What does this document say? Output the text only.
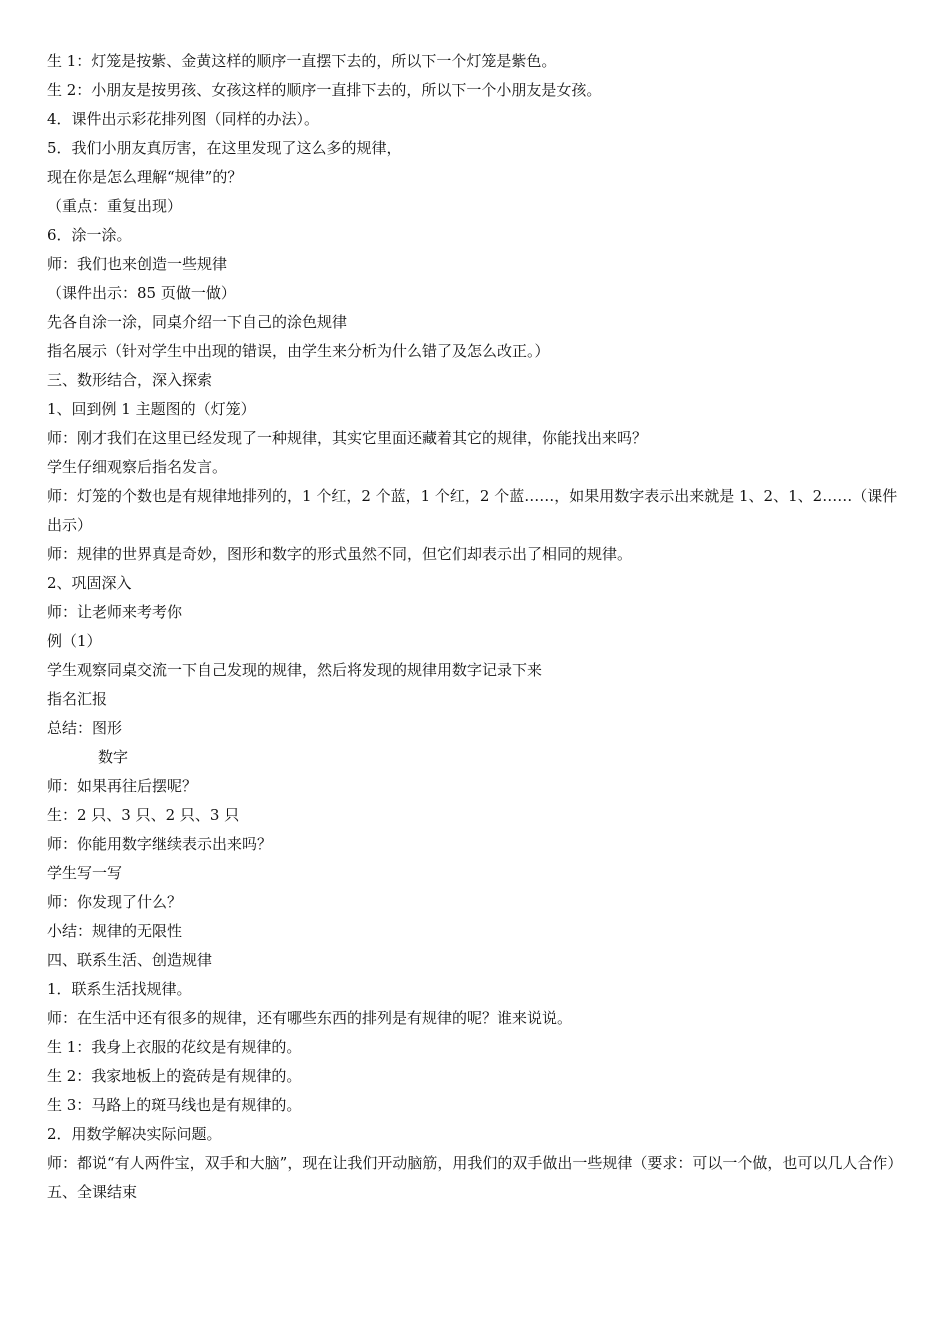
生 1：灯笼是按紫、金黄这样的顺序一直摆下去的，所以下一个灯笼是紫色。
生 2：小朋友是按男孩、女孩这样的顺序一直排下去的，所以下一个小朋友是女孩。
4．课件出示彩花排列图（同样的办法）。
5．我们小朋友真厉害，在这里发现了这么多的规律，
现在你是怎么理解“规律”的？
（重点：重复出现）
6．涂一涂。
师：我们也来创造一些规律
（课件出示：85 页做一做）
先各自涂一涂，同桌介绍一下自己的涂色规律
指名展示（针对学生中出现的错误，由学生来分析为什么错了及怎么改正。）
三、数形结合，深入探索
1、回到例 1 主题图的（灯笼）
师：刚才我们在这里已经发现了一种规律，其实它里面还藏着其它的规律，你能找出来吗？
学生仔细观察后指名发言。
师：灯笼的个数也是有规律地排列的，1 个红，2 个蓝，1 个红，2 个蓝……，如果用数字表示出来就是 1、2、1、2……（课件出示）
师：规律的世界真是奇妙，图形和数字的形式虽然不同，但它们却表示出了相同的规律。
2、巩固深入
师：让老师来考考你
例（1）
学生观察同桌交流一下自己发现的规律，然后将发现的规律用数字记录下来
指名汇报
总结：图形
数字
师：如果再往后摆呢？
生：2 只、3 只、2 只、3 只
师：你能用数字继续表示出来吗？
学生写一写
师：你发现了什么？
小结：规律的无限性
四、联系生活、创造规律
1．联系生活找规律。
师：在生活中还有很多的规律，还有哪些东西的排列是有规律的呢？谁来说说。
生 1：我身上衣服的花纹是有规律的。
生 2：我家地板上的瓷砖是有规律的。
生 3：马路上的斑马线也是有规律的。
2．用数学解决实际问题。
师：都说“有人两件宝，双手和大脑”，现在让我们开动脑筋，用我们的双手做出一些规律（要求：可以一个做，也可以几人合作）
五、全课结束
